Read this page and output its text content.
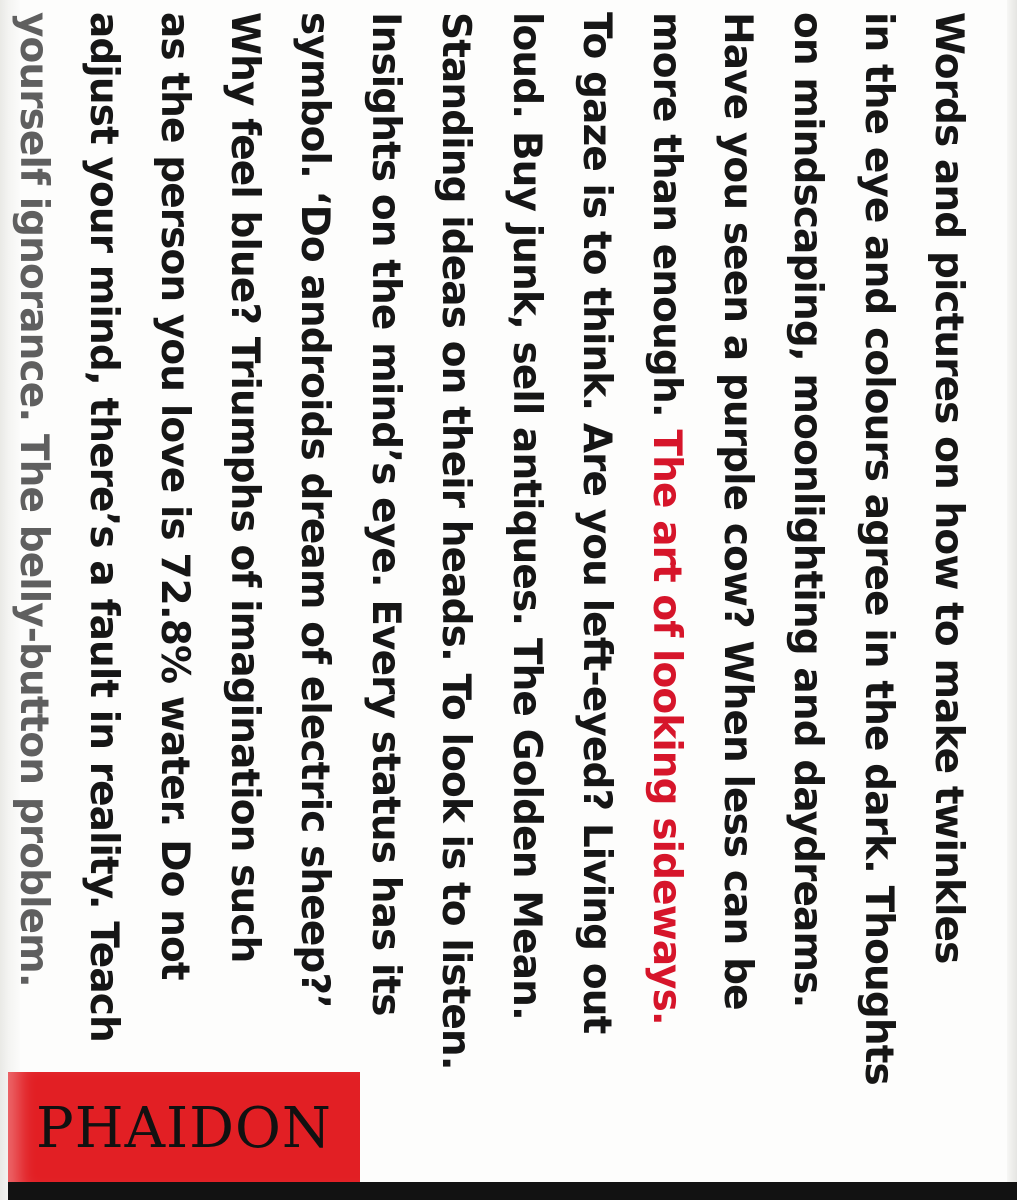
Words and pictures on how to make twinkles
in the eye and colours agree in the dark. Thoughts
on mindscaping, moonlighting and daydreams.
Have you seen a purple cow? When less can be
more than enough. The art of looking sideways.
To gaze is to think. Are you left-eyed? Living out
loud. Buy junk, sell antiques. The Golden Mean.
Standing ideas on their heads. To look is to listen.
Insights on the mind’s eye. Every status has its
symbol. ‘Do androids dream of electric sheep?’
Why feel blue? Triumphs of imagination such
as the person you love is 72.8% water. Do not
adjust your mind, there’s a fault in reality. Teach
yourself ignorance. The belly-button problem.
PHAIDON
